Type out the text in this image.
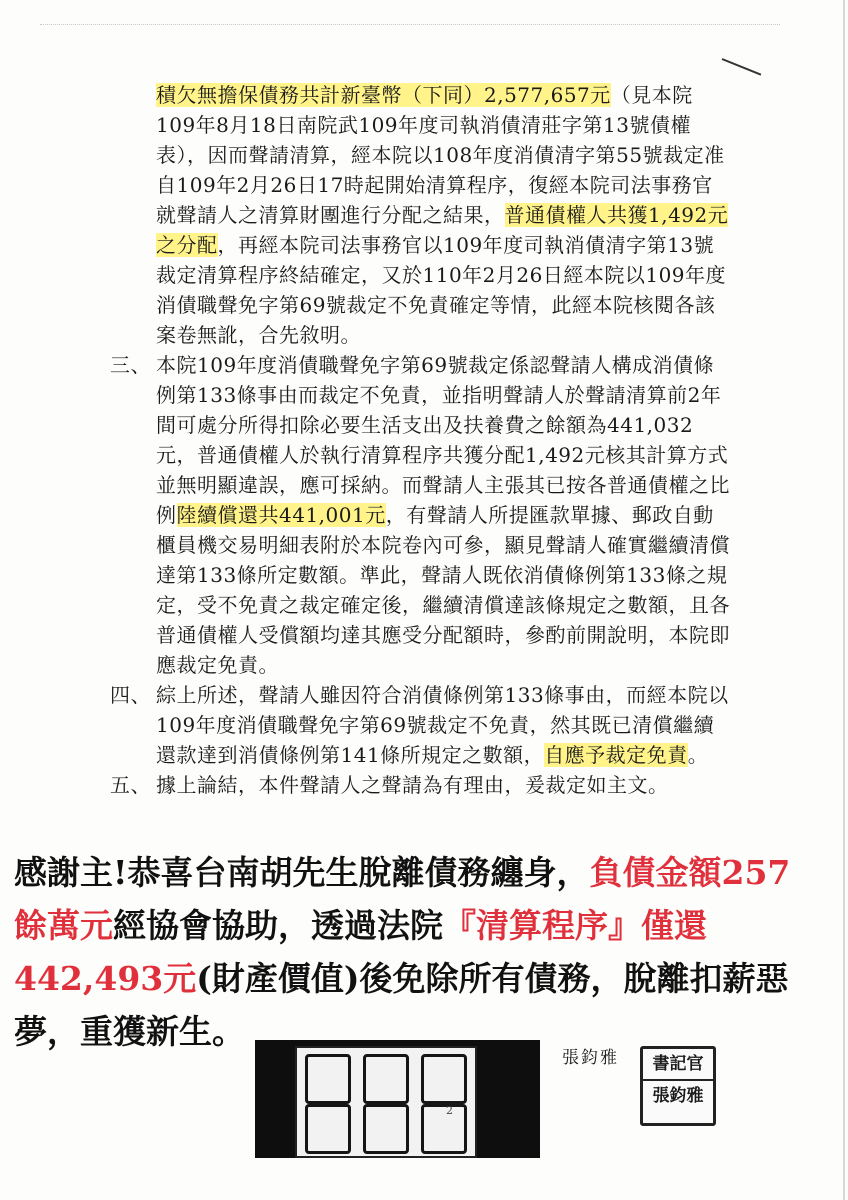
積欠無擔保債務共計新臺幣（下同）2,577,657元（見本院109年8月18日南院武109年度司執消債清莊字第13號債權表），因而聲請清算，經本院以108年度消債清字第55號裁定准自109年2月26日17時起開始清算程序，復經本院司法事務官就聲請人之清算財團進行分配之結果，普通債權人共獲1,492元之分配，再經本院司法事務官以109年度司執消債清字第13號裁定清算程序終結確定，又於110年2月26日經本院以109年度消債職聲免字第69號裁定不免責確定等情，此經本院核閱各該案卷無訛，合先敘明。

三、 本院109年度消債職聲免字第69號裁定係認聲請人構成消債條例第133條事由而裁定不免責，並指明聲請人於聲請清算前2年間可處分所得扣除必要生活支出及扶養費之餘額為441,032元，普通債權人於執行清算程序共獲分配1,492元核其計算方式並無明顯違誤，應可採納。而聲請人主張其已按各普通債權之比例陸續償還共441,001元，有聲請人所提匯款單據、郵政自動櫃員機交易明細表附於本院卷內可參，顯見聲請人確實繼續清償達第133條所定數額。準此，聲請人既依消債條例第133條之規定，受不免責之裁定確定後，繼續清償達該條規定之數額，且各普通債權人受償額均達其應受分配額時，參酌前開說明，本院即應裁定免責。

四、 綜上所述，聲請人雖因符合消債條例第133條事由，而經本院以109年度消債職聲免字第69號裁定不免責，然其既已清償繼續還款達到消債條例第141條所規定之數額，自應予裁定免責。

五、 據上論結，本件聲請人之聲請為有理由，爰裁定如主文。

感謝主!恭喜台南胡先生脫離債務纏身，負債金額257餘萬元經協會協助，透過法院『清算程序』僅還442,493元(財產價值)後免除所有債務，脫離扣薪惡夢，重獲新生。
2
張鈞雅	書記官
張鈞雅
